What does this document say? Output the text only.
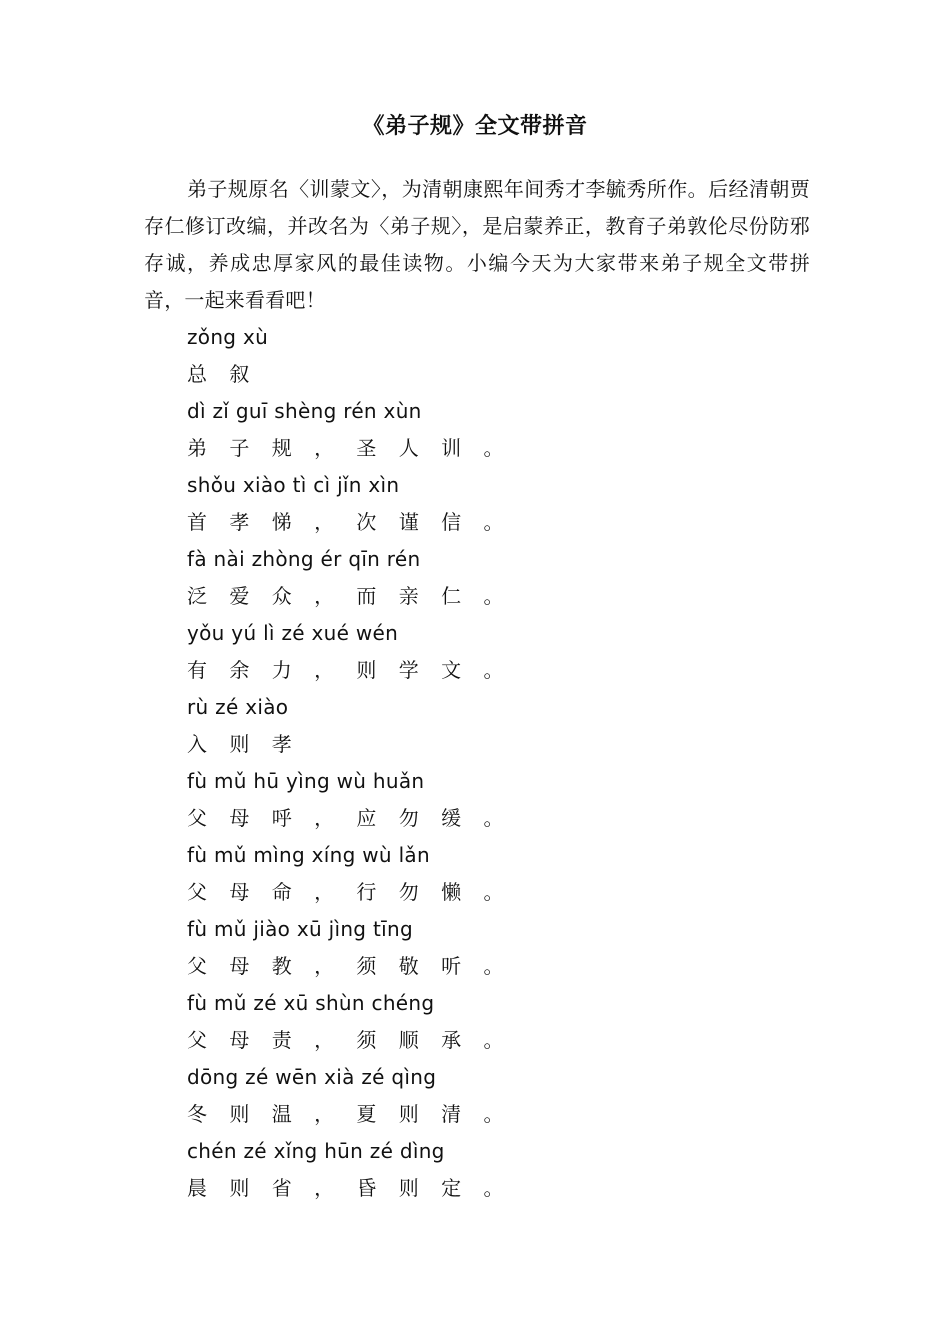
《弟子规》全文带拼音

弟子规原名〈训蒙文〉，为清朝康熙年间秀才李毓秀所作。后经清朝贾存仁修订改编，并改名为〈弟子规〉，是启蒙养正，教育子弟敦伦尽份防邪存诚，养成忠厚家风的最佳读物。小编今天为大家带来弟子规全文带拼音，一起来看看吧！

zǒng xù
总 叙
dì zǐ guī shèng rén xùn
弟 子 规 ， 圣 人 训 。
shǒu xiào tì cì jǐn xìn
首 孝 悌 ， 次 谨 信 。
fà nài zhòng ér qīn rén
泛 爱 众 ， 而 亲 仁 。
yǒu yú lì zé xué wén
有 余 力 ， 则 学 文 。
rù zé xiào
入 则 孝
fù mǔ hū yìng wù huǎn
父 母 呼 ， 应 勿 缓 。
fù mǔ mìng xíng wù lǎn
父 母 命 ， 行 勿 懒 。
fù mǔ jiào xū jìng tīng
父 母 教 ， 须 敬 听 。
fù mǔ zé xū shùn chéng
父 母 责 ， 须 顺 承 。
dōng zé wēn xià zé qìng
冬 则 温 ， 夏 则 清 。
chén zé xǐng hūn zé dìng
晨 则 省 ， 昏 则 定 。
